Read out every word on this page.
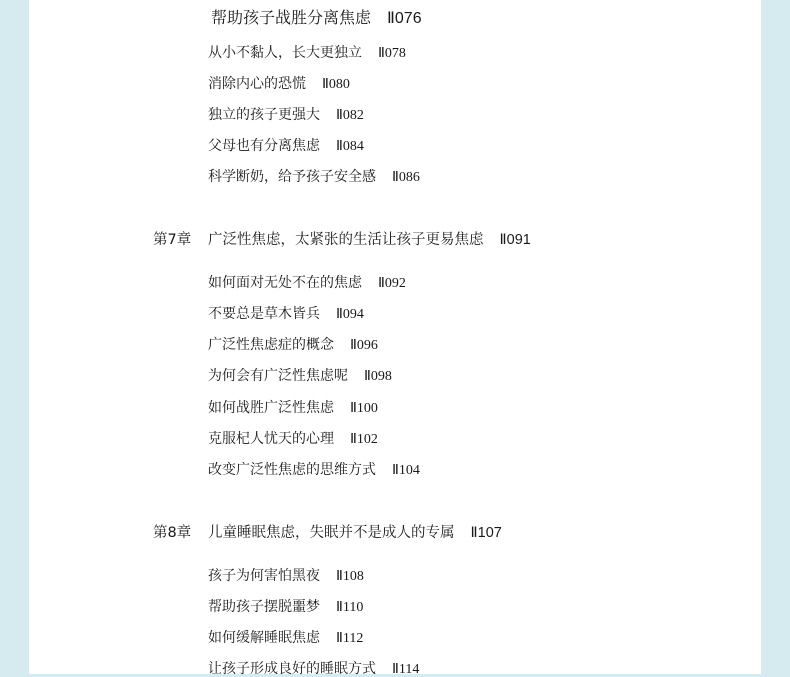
帮助孩子战胜分离焦虑 Ⅱ076
从小不黏人，长大更独立 Ⅱ078
消除内心的恐慌 Ⅱ080
独立的孩子更强大 Ⅱ082
父母也有分离焦虑 Ⅱ084
科学断奶，给予孩子安全感 Ⅱ086
第7章 广泛性焦虑，太紧张的生活让孩子更易焦虑 Ⅱ091
如何面对无处不在的焦虑 Ⅱ092
不要总是草木皆兵 Ⅱ094
广泛性焦虑症的概念 Ⅱ096
为何会有广泛性焦虑呢 Ⅱ098
如何战胜广泛性焦虑 Ⅱ100
克服杞人忧天的心理 Ⅱ102
改变广泛性焦虑的思维方式 Ⅱ104
第8章 儿童睡眠焦虑，失眠并不是成人的专属 Ⅱ107
孩子为何害怕黑夜 Ⅱ108
帮助孩子摆脱噩梦 Ⅱ110
如何缓解睡眠焦虑 Ⅱ112
让孩子形成良好的睡眠方式 Ⅱ114
